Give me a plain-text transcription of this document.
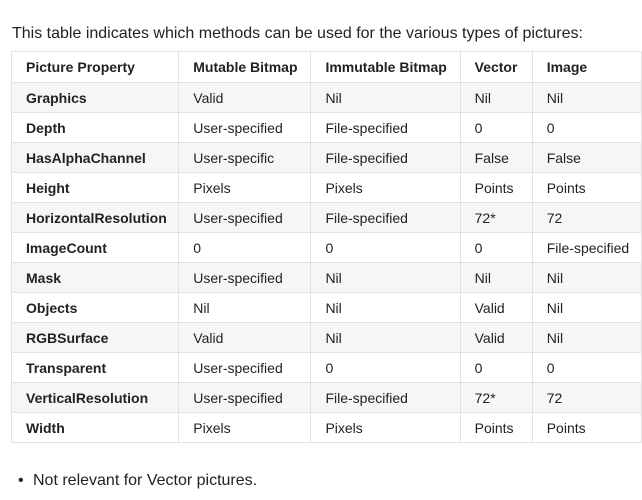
This table indicates which methods can be used for the various types of pictures:

Picture Property	Mutable Bitmap	Immutable Bitmap	Vector	Image
Graphics	Valid	Nil	Nil	Nil
Depth	User-specified	File-specified	0	0
HasAlphaChannel	User-specific	File-specified	False	False
Height	Pixels	Pixels	Points	Points
HorizontalResolution	User-specified	File-specified	72*	72
ImageCount	0	0	0	File-specified
Mask	User-specified	Nil	Nil	Nil
Objects	Nil	Nil	Valid	Nil
RGBSurface	Valid	Nil	Valid	Nil
Transparent	User-specified	0	0	0
VerticalResolution	User-specified	File-specified	72*	72
Width	Pixels	Pixels	Points	Points
• Not relevant for Vector pictures.
